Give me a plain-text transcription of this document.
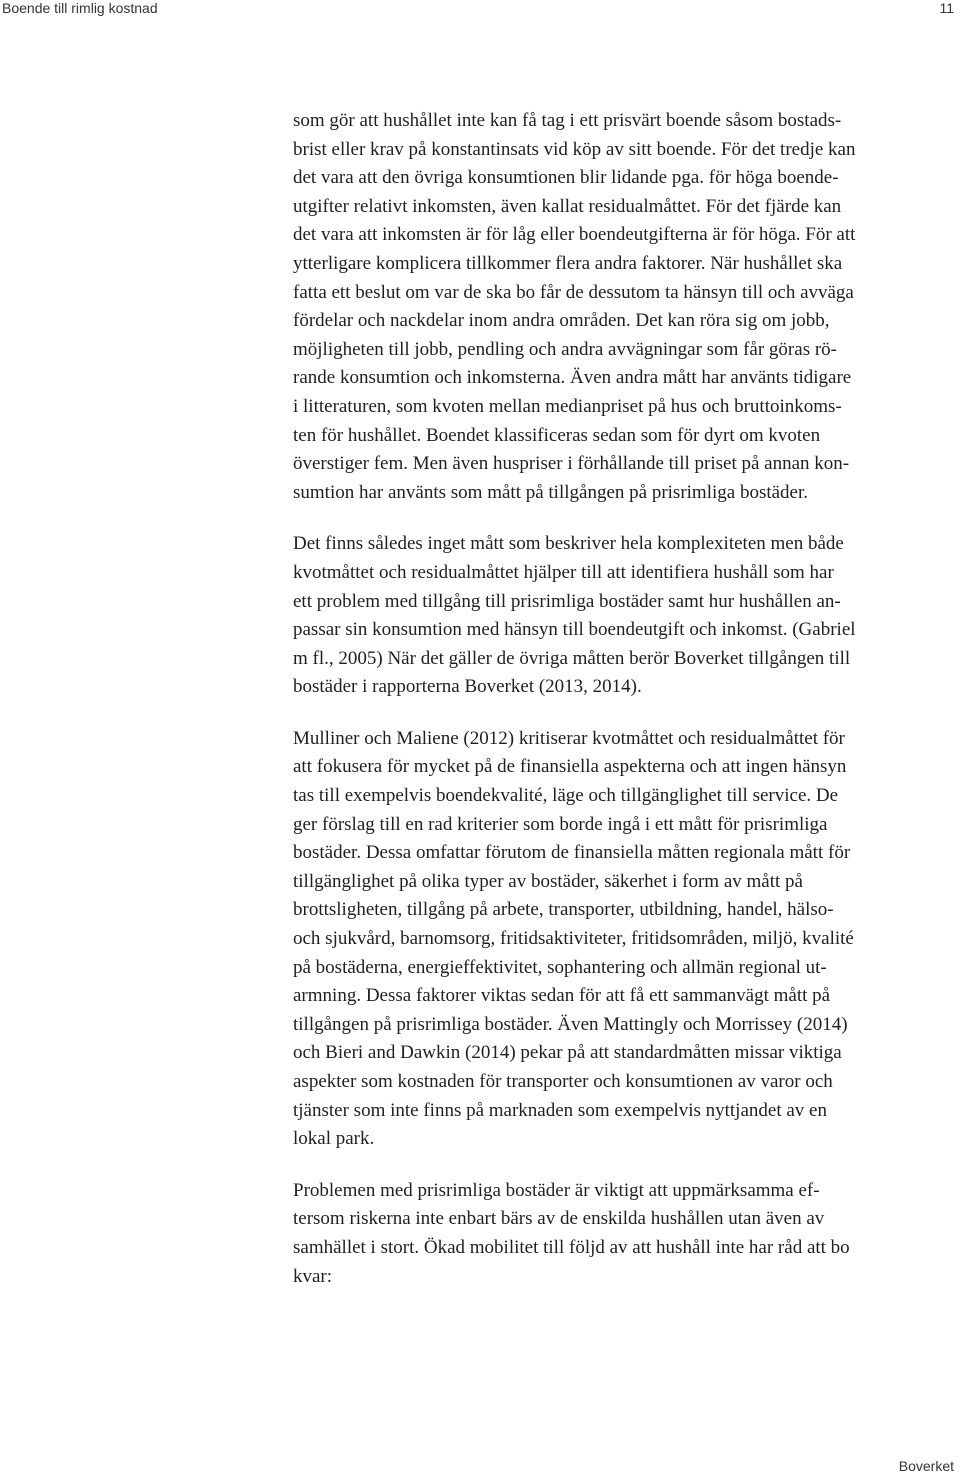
Boende till rimlig kostnad	11

som gör att hushållet inte kan få tag i ett prisvärt boende såsom bostads-
brist eller krav på konstantinsats vid köp av sitt boende. För det tredje kan
det vara att den övriga konsumtionen blir lidande pga. för höga boende-
utgifter relativt inkomsten, även kallat residualmåttet. För det fjärde kan
det vara att inkomsten är för låg eller boendeutgifterna är för höga. För att
ytterligare komplicera tillkommer flera andra faktorer. När hushållet ska
fatta ett beslut om var de ska bo får de dessutom ta hänsyn till och avväga
fördelar och nackdelar inom andra områden. Det kan röra sig om jobb,
möjligheten till jobb, pendling och andra avvägningar som får göras rö-
rande konsumtion och inkomsterna. Även andra mått har använts tidigare
i litteraturen, som kvoten mellan medianpriset på hus och bruttoinkoms-
ten för hushållet. Boendet klassificeras sedan som för dyrt om kvoten
överstiger fem. Men även huspriser i förhållande till priset på annan kon-
sumtion har använts som mått på tillgången på prisrimliga bostäder.

Det finns således inget mått som beskriver hela komplexiteten men både
kvotmåttet och residualmåttet hjälper till att identifiera hushåll som har
ett problem med tillgång till prisrimliga bostäder samt hur hushållen an-
passar sin konsumtion med hänsyn till boendeutgift och inkomst. (Gabriel
m fl., 2005) När det gäller de övriga måtten berör Boverket tillgången till
bostäder i rapporterna Boverket (2013, 2014).

Mulliner och Maliene (2012) kritiserar kvotmåttet och residualmåttet för
att fokusera för mycket på de finansiella aspekterna och att ingen hänsyn
tas till exempelvis boendekvalité, läge och tillgänglighet till service. De
ger förslag till en rad kriterier som borde ingå i ett mått för prisrimliga
bostäder. Dessa omfattar förutom de finansiella måtten regionala mått för
tillgänglighet på olika typer av bostäder, säkerhet i form av mått på
brottsligheten, tillgång på arbete, transporter, utbildning, handel, hälso-
och sjukvård, barnomsorg, fritidsaktiviteter, fritidsområden, miljö, kvalité
på bostäderna, energieffektivitet, sophantering och allmän regional ut-
armning. Dessa faktorer viktas sedan för att få ett sammanvägt mått på
tillgången på prisrimliga bostäder. Även Mattingly och Morrissey (2014)
och Bieri and Dawkin (2014) pekar på att standardmåtten missar viktiga
aspekter som kostnaden för transporter och konsumtionen av varor och
tjänster som inte finns på marknaden som exempelvis nyttjandet av en
lokal park.

Problemen med prisrimliga bostäder är viktigt att uppmärksamma ef-
tersom riskerna inte enbart bärs av de enskilda hushållen utan även av
samhället i stort. Ökad mobilitet till följd av att hushåll inte har råd att bo
kvar:

Boverket
